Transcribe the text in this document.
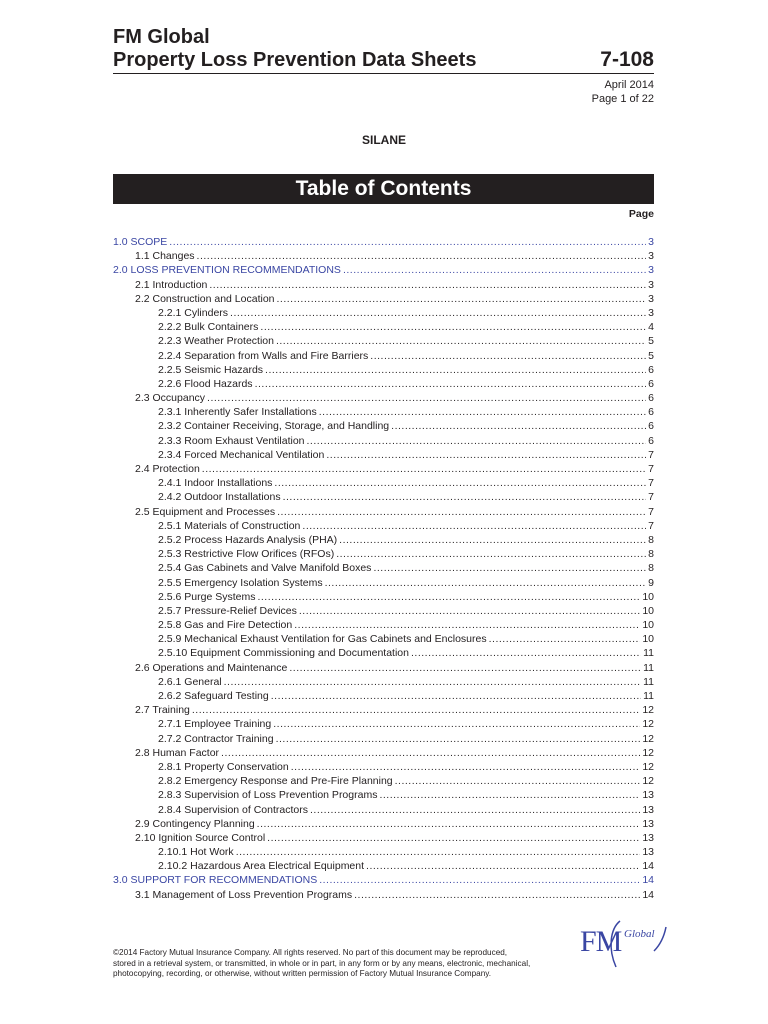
FM Global
Property Loss Prevention Data Sheets	7-108
April 2014
Page 1 of 22
SILANE
Table of Contents
Page
1.0 SCOPE .....	3
1.1 Changes .....	3
2.0 LOSS PREVENTION RECOMMENDATIONS .....	3
2.1 Introduction .....	3
2.2 Construction and Location .....	3
2.2.1 Cylinders .....	3
2.2.2 Bulk Containers .....	4
2.2.3 Weather Protection .....	5
2.2.4 Separation from Walls and Fire Barriers .....	5
2.2.5 Seismic Hazards .....	6
2.2.6 Flood Hazards .....	6
2.3 Occupancy .....	6
2.3.1 Inherently Safer Installations .....	6
2.3.2 Container Receiving, Storage, and Handling .....	6
2.3.3 Room Exhaust Ventilation .....	6
2.3.4 Forced Mechanical Ventilation .....	7
2.4 Protection .....	7
2.4.1 Indoor Installations .....	7
2.4.2 Outdoor Installations .....	7
2.5 Equipment and Processes .....	7
2.5.1 Materials of Construction .....	7
2.5.2 Process Hazards Analysis (PHA) .....	8
2.5.3 Restrictive Flow Orifices (RFOs) .....	8
2.5.4 Gas Cabinets and Valve Manifold Boxes .....	8
2.5.5 Emergency Isolation Systems .....	9
2.5.6 Purge Systems .....	10
2.5.7 Pressure-Relief Devices .....	10
2.5.8 Gas and Fire Detection .....	10
2.5.9 Mechanical Exhaust Ventilation for Gas Cabinets and Enclosures .....	10
2.5.10 Equipment Commissioning and Documentation .....	11
2.6 Operations and Maintenance .....	11
2.6.1 General .....	11
2.6.2 Safeguard Testing .....	11
2.7 Training .....	12
2.7.1 Employee Training .....	12
2.7.2 Contractor Training .....	12
2.8 Human Factor .....	12
2.8.1 Property Conservation .....	12
2.8.2 Emergency Response and Pre-Fire Planning .....	12
2.8.3 Supervision of Loss Prevention Programs .....	13
2.8.4 Supervision of Contractors .....	13
2.9 Contingency Planning .....	13
2.10 Ignition Source Control .....	13
2.10.1 Hot Work .....	13
2.10.2 Hazardous Area Electrical Equipment .....	14
3.0 SUPPORT FOR RECOMMENDATIONS .....	14
3.1 Management of Loss Prevention Programs .....	14
©2014 Factory Mutual Insurance Company. All rights reserved. No part of this document may be reproduced,
stored in a retrieval system, or transmitted, in whole or in part, in any form or by any means, electronic, mechanical,
photocopying, recording, or otherwise, without written permission of Factory Mutual Insurance Company.
FM Global
